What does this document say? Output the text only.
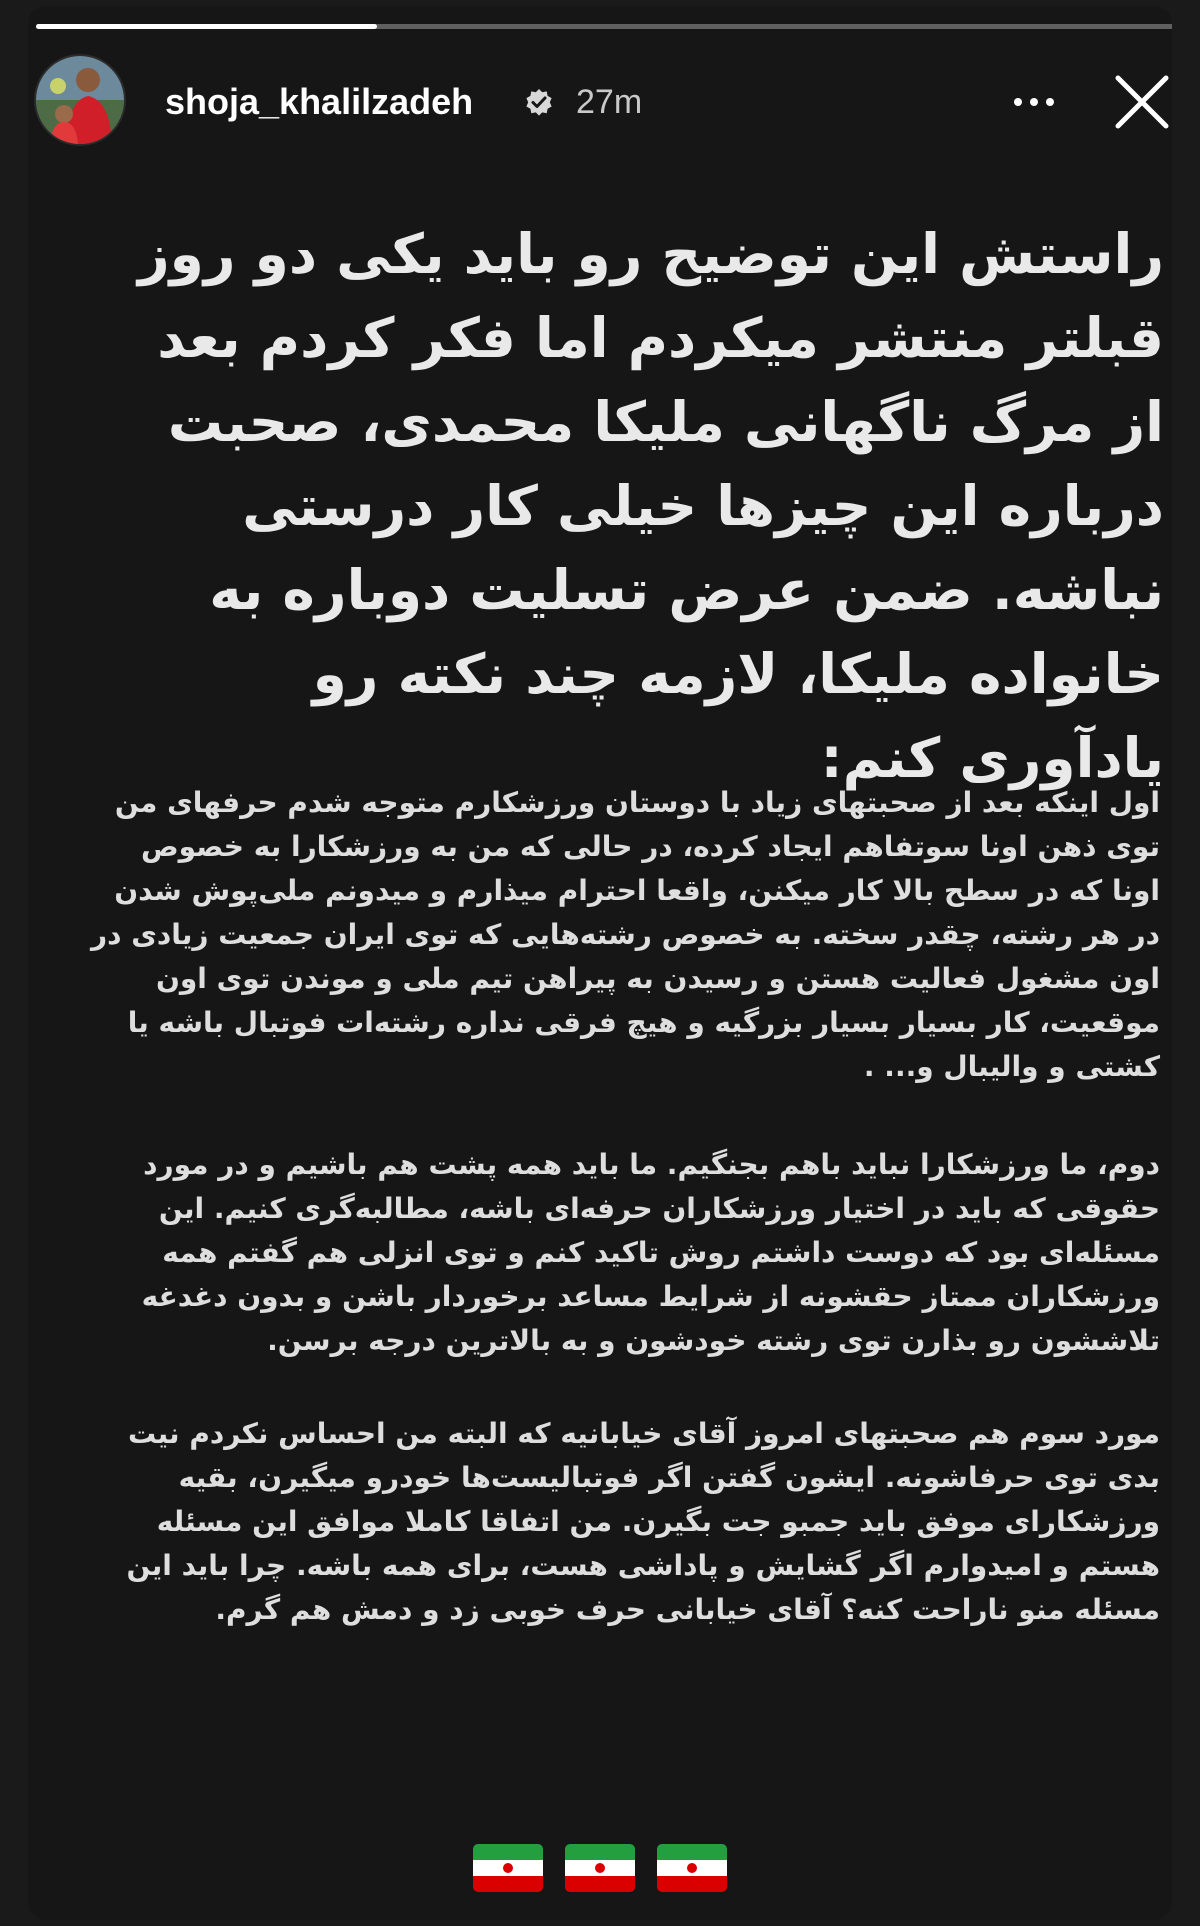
shoja_khalilzadeh	27m

راستش این توضیح رو باید یکی دو روز قبلتر منتشر میکردم اما فکر کردم بعد از مرگ ناگهانی ملیکا محمدی، صحبت درباره این چیزها خیلی کار درستی نباشه. ضمن عرض تسلیت دوباره به خانواده ملیکا، لازمه چند نکته رو یادآوری کنم:

اول اینکه بعد از صحبتهای زیاد با دوستان ورزشکارم متوجه شدم حرفهای من توی ذهن اونا سوتفاهم ایجاد کرده، در حالی که من به ورزشکارا به خصوص اونا که در سطح بالا کار میکنن، واقعا احترام میذارم و میدونم ملی‌پوش شدن در هر رشته، چقدر سخته. به خصوص رشته‌هایی که توی ایران جمعیت زیادی در اون مشغول فعالیت هستن و رسیدن به پیراهن تیم ملی و موندن توی اون موقعیت، کار بسیار بسیار بزرگیه و هیچ فرقی نداره رشته‌ات فوتبال باشه یا کشتی و والیبال و... .

دوم، ما ورزشکارا نباید باهم بجنگیم. ما باید همه پشت هم باشیم و در مورد حقوقی که باید در اختیار ورزشکاران حرفه‌ای باشه، مطالبه‌گری کنیم. این مسئله‌ای بود که دوست داشتم روش تاکید کنم و توی انزلی هم گفتم همه ورزشکاران ممتاز حقشونه از شرایط مساعد برخوردار باشن و بدون دغدغه تلاششون رو بذارن توی رشته خودشون و به بالاترین درجه برسن.

مورد سوم هم صحبتهای امروز آقای خیابانیه که البته من احساس نکردم نیت بدی توی حرفاشونه. ایشون گفتن اگر فوتبالیست‌ها خودرو میگیرن، بقیه ورزشکارای موفق باید جمبو جت بگیرن. من اتفاقا کاملا موافق این مسئله هستم و امیدوارم اگر گشایش و پاداشی هست، برای همه باشه. چرا باید این مسئله منو ناراحت کنه؟ آقای خیابانی حرف خوبی زد و دمش هم گرم.
